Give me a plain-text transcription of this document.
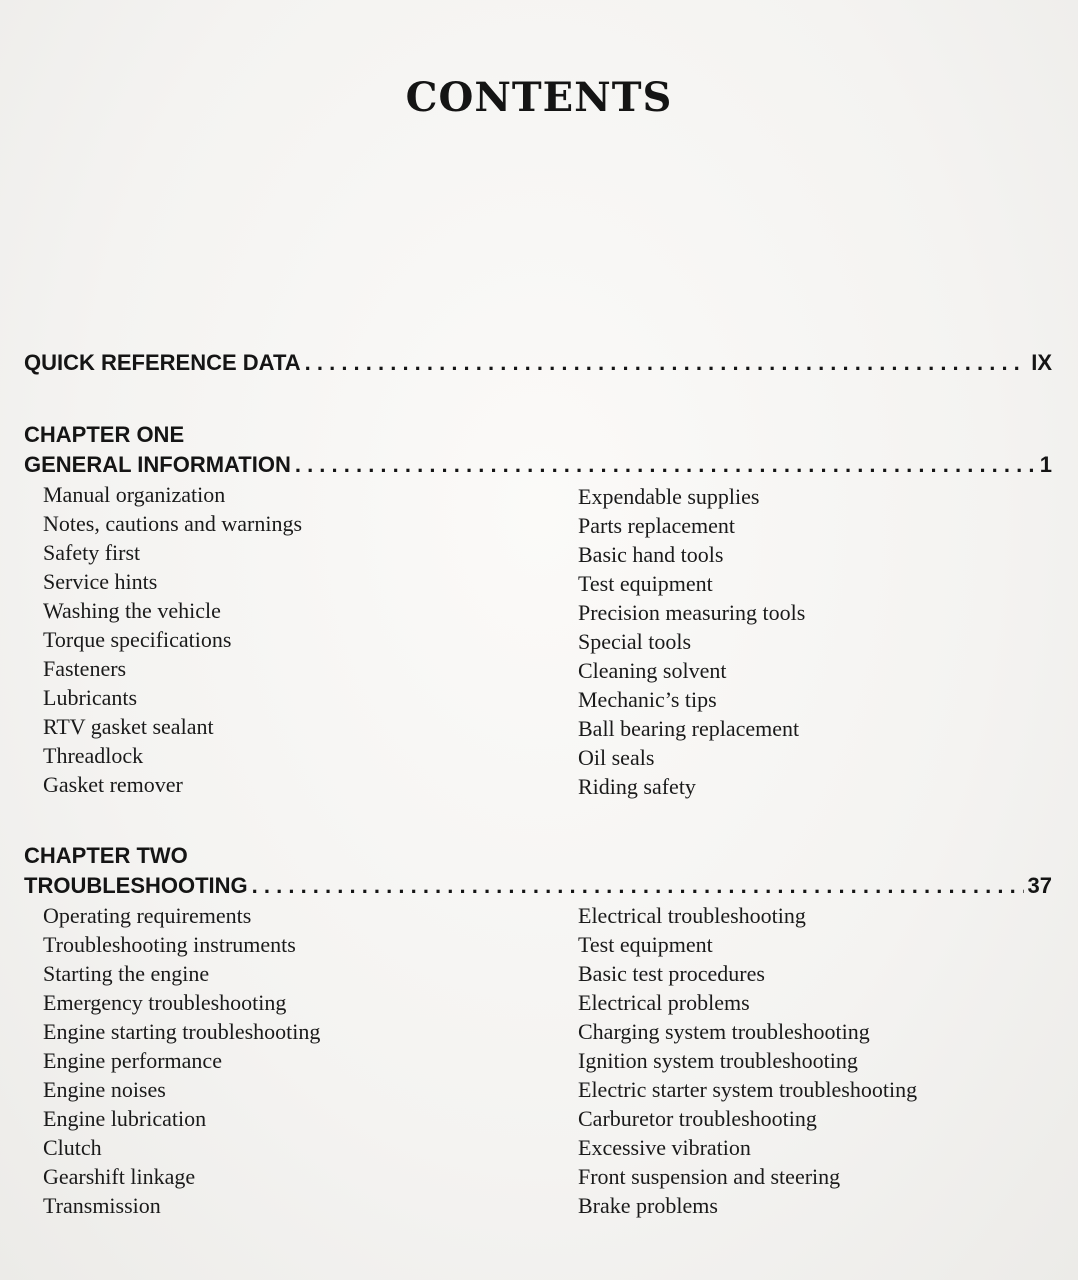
CONTENTS
QUICK REFERENCE DATA . . .	IX
CHAPTER ONE
GENERAL INFORMATION . . .	1
Manual organization
Notes, cautions and warnings
Safety first
Service hints
Washing the vehicle
Torque specifications
Fasteners
Lubricants
RTV gasket sealant
Threadlock
Gasket remover
Expendable supplies
Parts replacement
Basic hand tools
Test equipment
Precision measuring tools
Special tools
Cleaning solvent
Mechanic’s tips
Ball bearing replacement
Oil seals
Riding safety
CHAPTER TWO
TROUBLESHOOTING . . .	37
Operating requirements
Troubleshooting instruments
Starting the engine
Emergency troubleshooting
Engine starting troubleshooting
Engine performance
Engine noises
Engine lubrication
Clutch
Gearshift linkage
Transmission
Electrical troubleshooting
Test equipment
Basic test procedures
Electrical problems
Charging system troubleshooting
Ignition system troubleshooting
Electric starter system troubleshooting
Carburetor troubleshooting
Excessive vibration
Front suspension and steering
Brake problems
